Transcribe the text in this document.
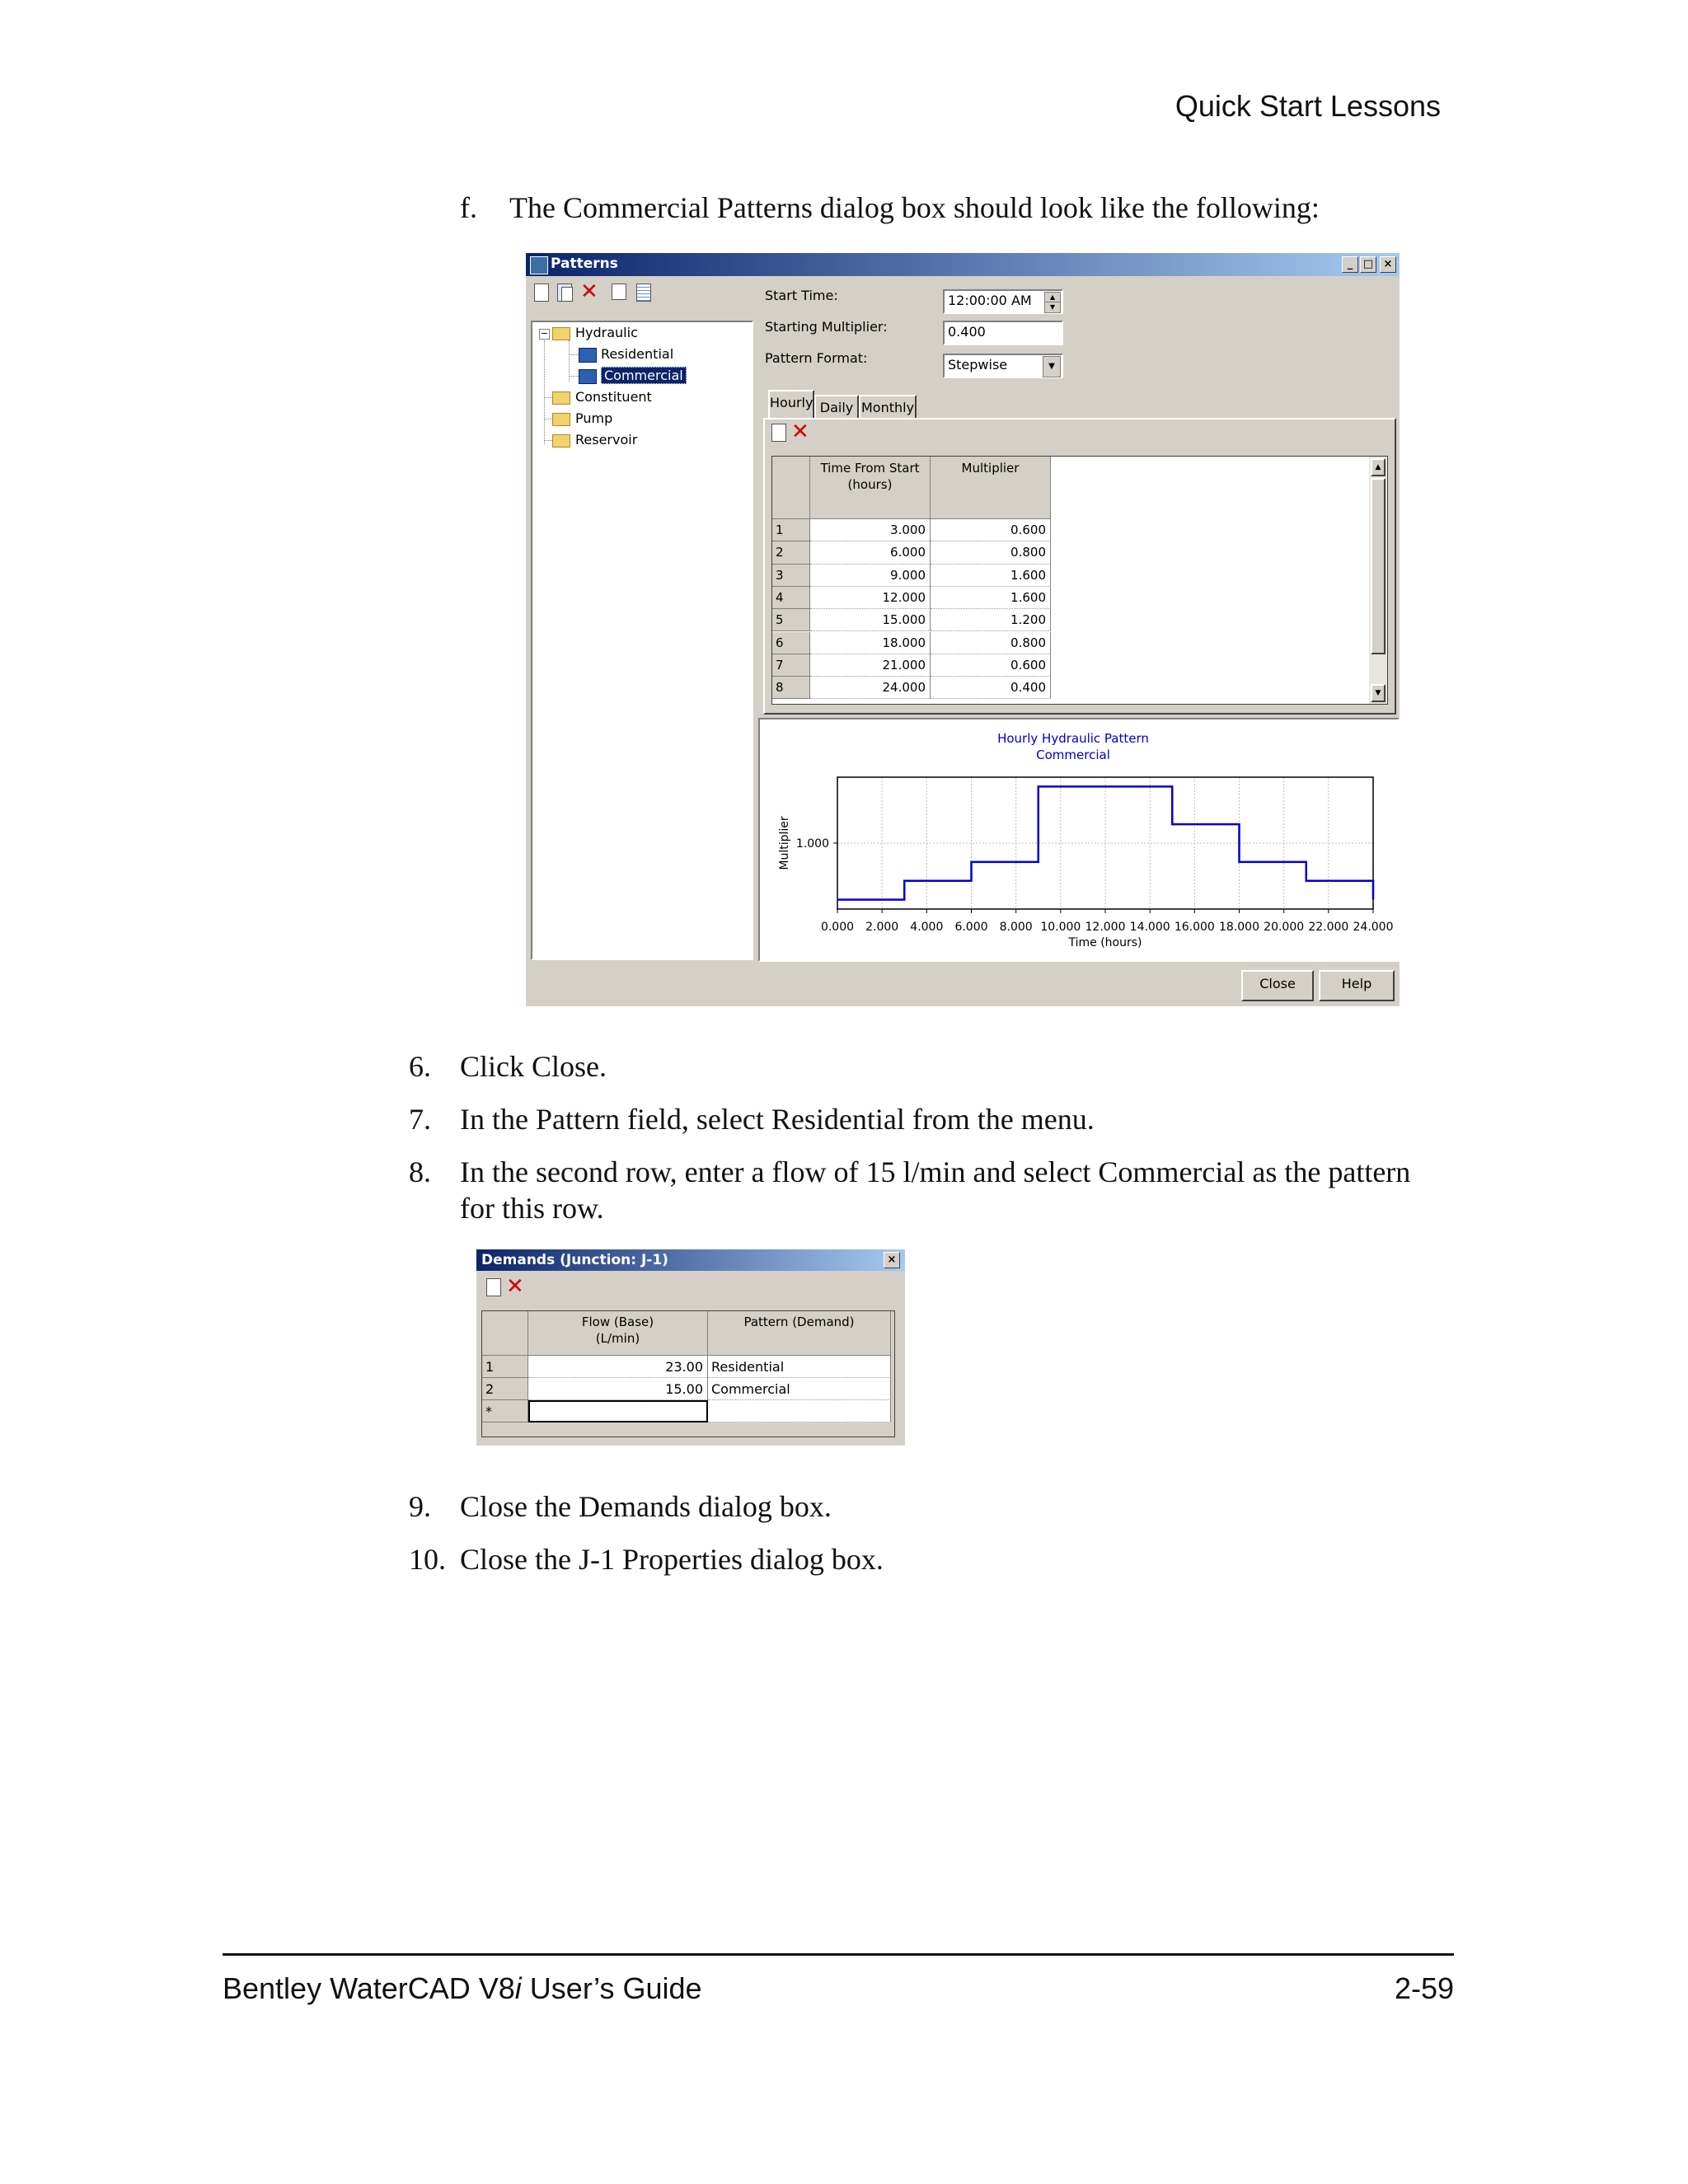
Quick Start Lessons
f. The Commercial Patterns dialog box should look like the following:
Patterns	_ □ ×
✕
−	Hydraulic
Residential
Commercial
Constituent
Pump
Reservoir
Start Time:	12:00:00 AM	▲
▼
Starting Multiplier:	0.400
Pattern Format:	Stepwise	▼
Hourly Daily Monthly
✕
Time From Start
(hours)
Multiplier
1	3.000	0.600
2	6.000	0.800
3	9.000	1.600
4	12.000	1.600
5	15.000	1.200
6	18.000	0.800
7	21.000	0.600
8	24.000	0.400
▲
▼
Hourly Hydraulic Pattern
Commercial
0.000 2.000 4.000 6.000 8.000 10.000 12.000 14.000 16.000 18.000 20.000 22.000 24.000
1.000
Time (hours)
Multiplier
Close	Help
6. Click Close.
7. In the Pattern field, select Residential from the menu.
8. In the second row, enter a flow of 15 l/min and select Commercial as the pattern
for this row.
Demands (Junction: J-1)	×
✕
Flow (Base)
(L/min)
Pattern (Demand)
1	23.00 Residential
2	15.00 Commercial
*
9. Close the Demands dialog box.
10. Close the J-1 Properties dialog box.
Bentley WaterCAD V8i User’s Guide	2-59
